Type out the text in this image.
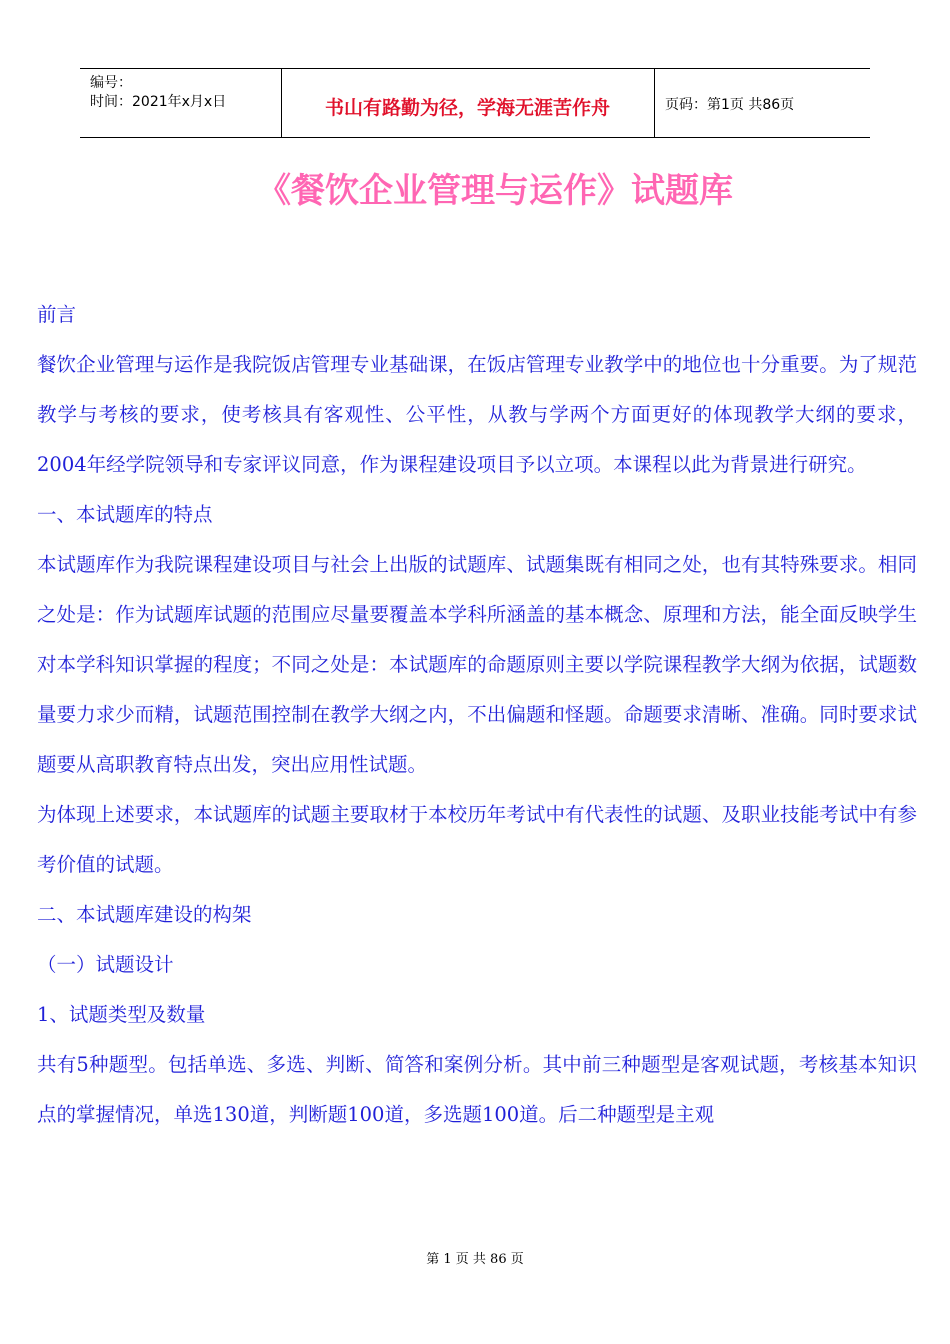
编号：
时间：2021年x月x日	书山有路勤为径，学海无涯苦作舟	页码：第1页 共86页
《餐饮企业管理与运作》试题库

前言

餐饮企业管理与运作是我院饭店管理专业基础课，在饭店管理专业教学中的地位也十分重要。为了规范教学与考核的要求，使考核具有客观性、公平性，从教与学两个方面更好的体现教学大纲的要求，2004年经学院领导和专家评议同意，作为课程建设项目予以立项。本课程以此为背景进行研究。

一、本试题库的特点

本试题库作为我院课程建设项目与社会上出版的试题库、试题集既有相同之处，也有其特殊要求。相同之处是：作为试题库试题的范围应尽量要覆盖本学科所涵盖的基本概念、原理和方法，能全面反映学生对本学科知识掌握的程度；不同之处是：本试题库的命题原则主要以学院课程教学大纲为依据，试题数量要力求少而精，试题范围控制在教学大纲之内，不出偏题和怪题。命题要求清晰、准确。同时要求试题要从高职教育特点出发，突出应用性试题。

为体现上述要求，本试题库的试题主要取材于本校历年考试中有代表性的试题、及职业技能考试中有参考价值的试题。

二、本试题库建设的构架

（一）试题设计

1、试题类型及数量

共有5种题型。包括单选、多选、判断、简答和案例分析。其中前三种题型是客观试题，考核基本知识点的掌握情况，单选130道，判断题100道，多选题100道。后二种题型是主观

第 1 页 共 86 页
